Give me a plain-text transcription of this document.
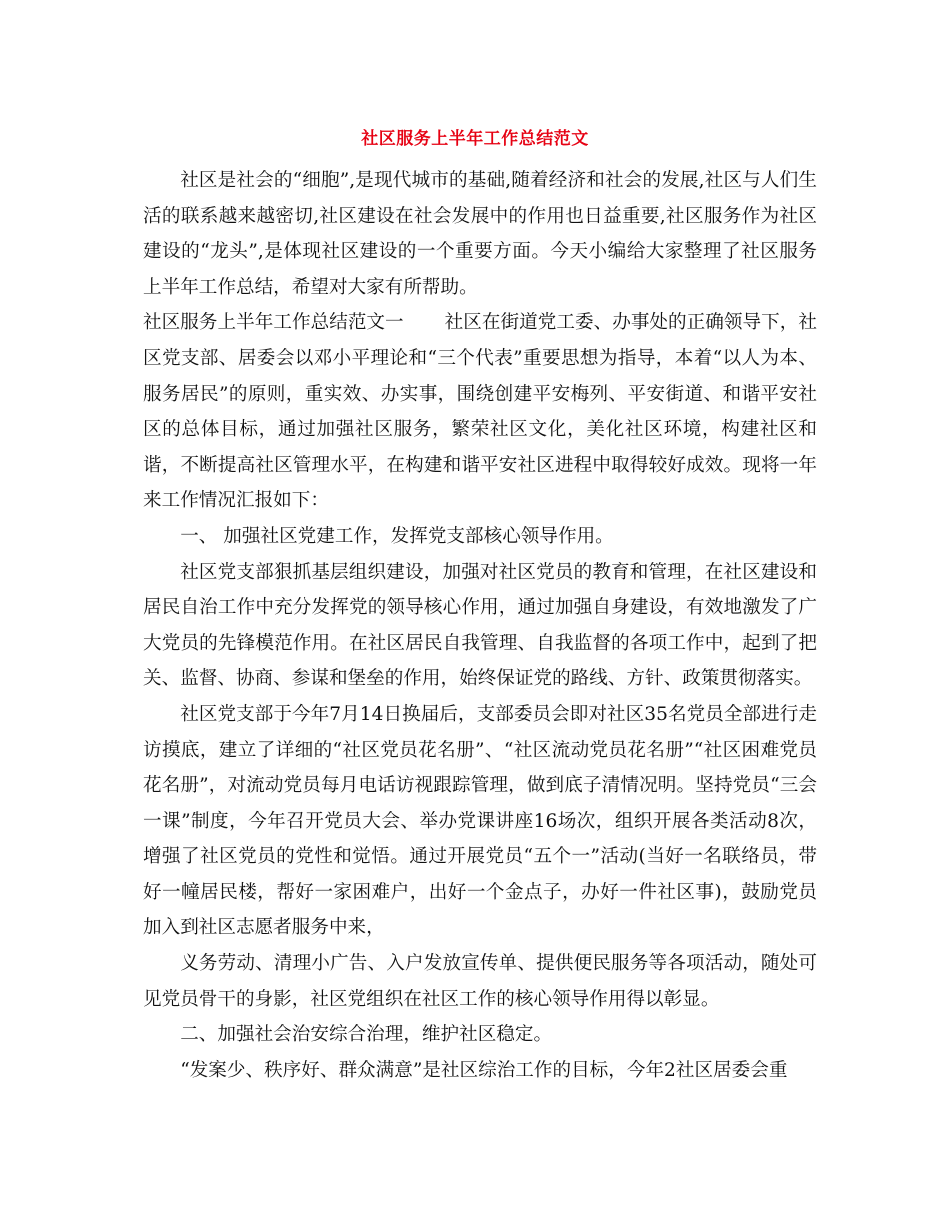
社区服务上半年工作总结范文

社区是社会的“细胞”,是现代城市的基础,随着经济和社会的发展,社区与人们生活的联系越来越密切,社区建设在社会发展中的作用也日益重要,社区服务作为社区建设的“龙头”,是体现社区建设的一个重要方面。今天小编给大家整理了社区服务上半年工作总结，希望对大家有所帮助。

社区服务上半年工作总结范文一 社区在街道党工委、办事处的正确领导下，社区党支部、居委会以邓小平理论和“三个代表”重要思想为指导，本着“以人为本、服务居民”的原则，重实效、办实事，围绕创建平安梅列、平安街道、和谐平安社区的总体目标，通过加强社区服务，繁荣社区文化，美化社区环境，构建社区和谐，不断提高社区管理水平，在构建和谐平安社区进程中取得较好成效。现将一年来工作情况汇报如下：

一、 加强社区党建工作，发挥党支部核心领导作用。

社区党支部狠抓基层组织建设，加强对社区党员的教育和管理，在社区建设和居民自治工作中充分发挥党的领导核心作用，通过加强自身建设，有效地激发了广大党员的先锋模范作用。在社区居民自我管理、自我监督的各项工作中，起到了把关、监督、协商、参谋和堡垒的作用，始终保证党的路线、方针、政策贯彻落实。

社区党支部于今年7月14日换届后，支部委员会即对社区35名党员全部进行走访摸底，建立了详细的“社区党员花名册”、“社区流动党员花名册”“社区困难党员花名册”，对流动党员每月电话访视跟踪管理，做到底子清情况明。坚持党员“三会一课”制度，今年召开党员大会、举办党课讲座16场次，组织开展各类活动8次，增强了社区党员的党性和觉悟。通过开展党员“五个一”活动(当好一名联络员，带好一幢居民楼，帮好一家困难户，出好一个金点子，办好一件社区事)，鼓励党员加入到社区志愿者服务中来，

义务劳动、清理小广告、入户发放宣传单、提供便民服务等各项活动，随处可见党员骨干的身影，社区党组织在社区工作的核心领导作用得以彰显。

二、加强社会治安综合治理，维护社区稳定。

“发案少、秩序好、群众满意”是社区综治工作的目标，今年2社区居委会重
